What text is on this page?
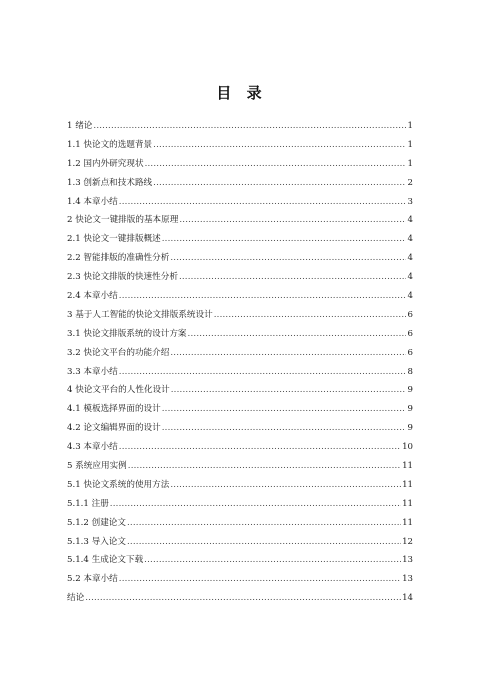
目 录
1 绪论 .....	1
1.1 快论文的选题背景 .....	1
1.2 国内外研究现状 .....	1
1.3 创新点和技术路线 .....	2
1.4 本章小结 .....	3
2 快论文一键排版的基本原理 .....	4
2.1 快论文一键排版概述 .....	4
2.2 智能排版的准确性分析 .....	4
2.3 快论文排版的快速性分析 .....	4
2.4 本章小结 .....	4
3 基于人工智能的快论文排版系统设计 .....	6
3.1 快论文排版系统的设计方案 .....	6
3.2 快论文平台的功能介绍 .....	6
3.3 本章小结 .....	8
4 快论文平台的人性化设计 .....	9
4.1 模板选择界面的设计 .....	9
4.2 论文编辑界面的设计 .....	9
4.3 本章小结 .....	10
5 系统应用实例 .....	11
5.1 快论文系统的使用方法 .....	11
5.1.1 注册 .....	11
5.1.2 创建论文 .....	11
5.1.3 导入论文 .....	12
5.1.4 生成论文下载 .....	13
5.2 本章小结 .....	13
结论 .....	14
